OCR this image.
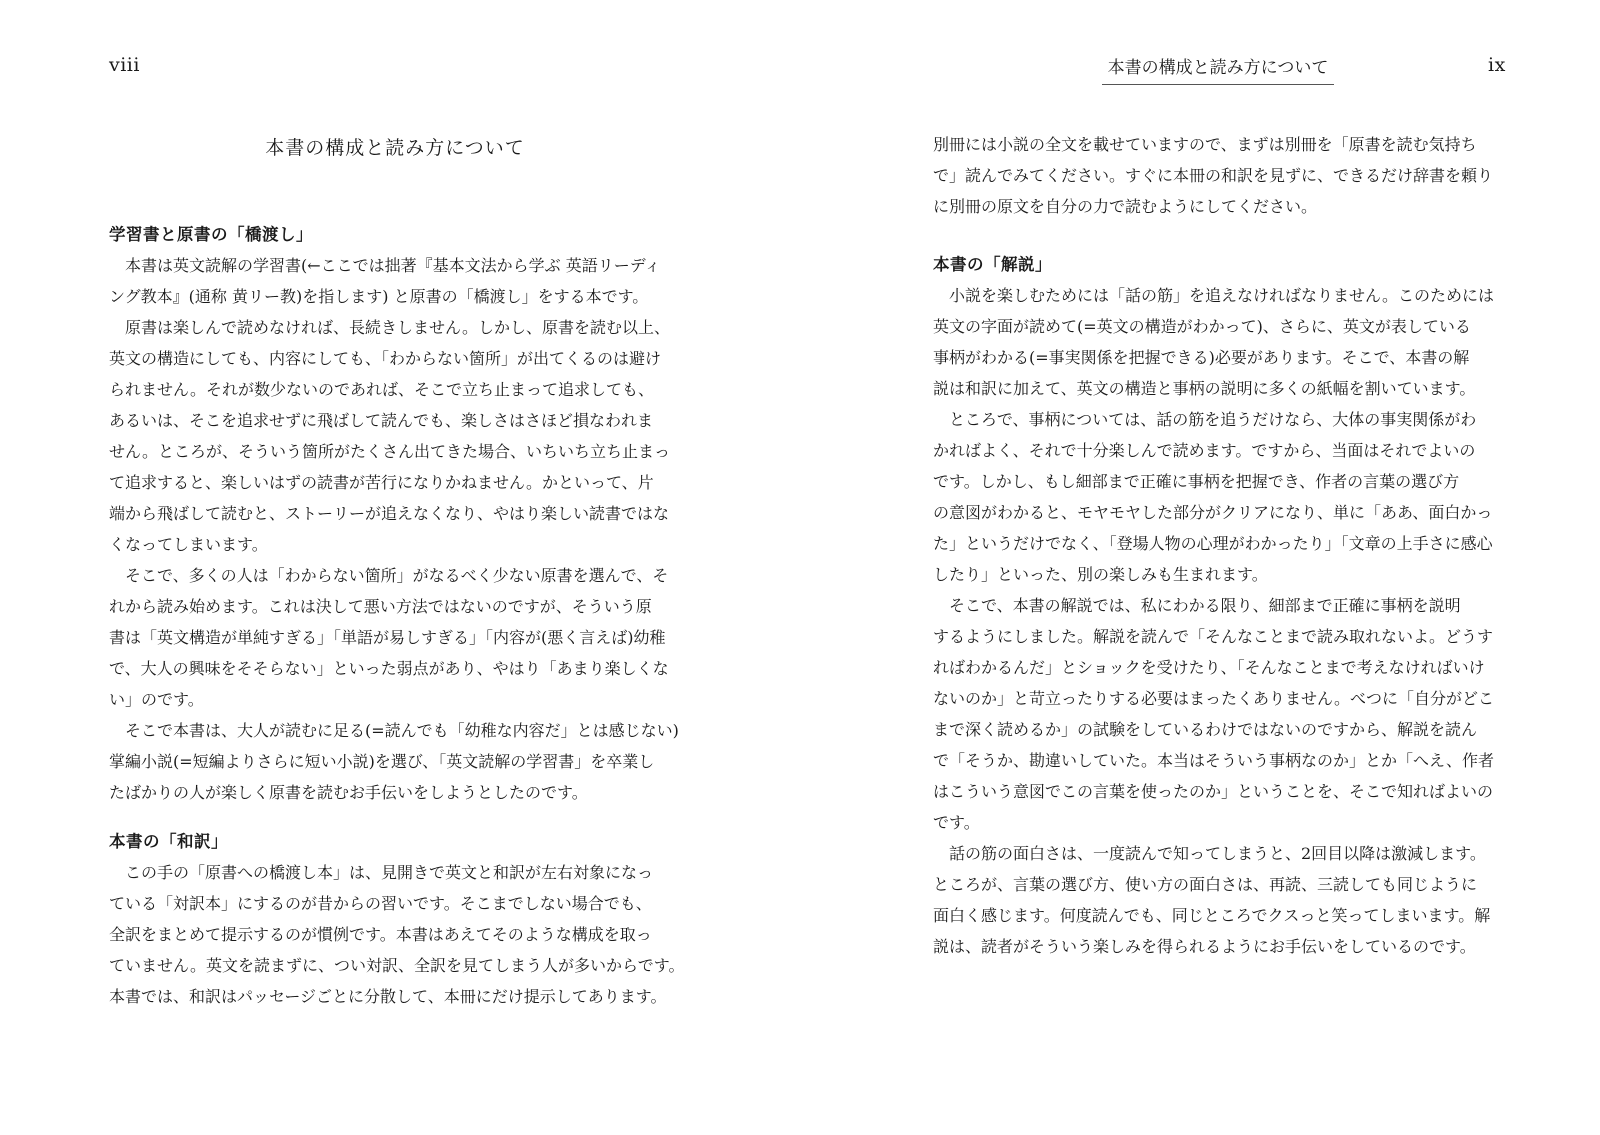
viii
本書の構成と読み方について
学習書と原書の「橋渡し」

　本書は英文読解の学習書(←ここでは拙著『基本文法から学ぶ 英語リーディ
ング教本』(通称 黄リー教)を指します) と原書の「橋渡し」をする本です。

　原書は楽しんで読めなければ、長続きしません。しかし、原書を読む以上、
英文の構造にしても、内容にしても、「わからない箇所」が出てくるのは避け
られません。それが数少ないのであれば、そこで立ち止まって追求しても、
あるいは、そこを追求せずに飛ばして読んでも、楽しさはさほど損なわれま
せん。ところが、そういう箇所がたくさん出てきた場合、いちいち立ち止まっ
て追求すると、楽しいはずの読書が苦行になりかねません。かといって、片
端から飛ばして読むと、ストーリーが追えなくなり、やはり楽しい読書ではな
くなってしまいます。

　そこで、多くの人は「わからない箇所」がなるべく少ない原書を選んで、そ
れから読み始めます。これは決して悪い方法ではないのですが、そういう原
書は「英文構造が単純すぎる」「単語が易しすぎる」「内容が(悪く言えば)幼稚
で、大人の興味をそそらない」といった弱点があり、やはり「あまり楽しくな
い」のです。

　そこで本書は、大人が読むに足る(=読んでも「幼稚な内容だ」とは感じない)
掌編小説(=短編よりさらに短い小説)を選び、「英文読解の学習書」を卒業し
たばかりの人が楽しく原書を読むお手伝いをしようとしたのです。

本書の「和訳」

　この手の「原書への橋渡し本」は、見開きで英文と和訳が左右対象になっ
ている「対訳本」にするのが昔からの習いです。そこまでしない場合でも、
全訳をまとめて提示するのが慣例です。本書はあえてそのような構成を取っ
ていません。英文を読まずに、つい対訳、全訳を見てしまう人が多いからです。
本書では、和訳はパッセージごとに分散して、本冊にだけ提示してあります。

本書の構成と読み方について	ix

別冊には小説の全文を載せていますので、まずは別冊を「原書を読む気持ち
で」読んでみてください。すぐに本冊の和訳を見ずに、できるだけ辞書を頼り
に別冊の原文を自分の力で読むようにしてください。

本書の「解説」

　小説を楽しむためには「話の筋」を追えなければなりません。このためには
英文の字面が読めて(=英文の構造がわかって)、さらに、英文が表している
事柄がわかる(=事実関係を把握できる)必要があります。そこで、本書の解
説は和訳に加えて、英文の構造と事柄の説明に多くの紙幅を割いています。

　ところで、事柄については、話の筋を追うだけなら、大体の事実関係がわ
かればよく、それで十分楽しんで読めます。ですから、当面はそれでよいの
です。しかし、もし細部まで正確に事柄を把握でき、作者の言葉の選び方
の意図がわかると、モヤモヤした部分がクリアになり、単に「ああ、面白かっ
た」というだけでなく、「登場人物の心理がわかったり」「文章の上手さに感心
したり」といった、別の楽しみも生まれます。

　そこで、本書の解説では、私にわかる限り、細部まで正確に事柄を説明
するようにしました。解説を読んで「そんなことまで読み取れないよ。どうす
ればわかるんだ」とショックを受けたり、「そんなことまで考えなければいけ
ないのか」と苛立ったりする必要はまったくありません。べつに「自分がどこ
まで深く読めるか」の試験をしているわけではないのですから、解説を読ん
で「そうか、勘違いしていた。本当はそういう事柄なのか」とか「へえ、作者
はこういう意図でこの言葉を使ったのか」ということを、そこで知ればよいの
です。

　話の筋の面白さは、一度読んで知ってしまうと、2回目以降は激減します。
ところが、言葉の選び方、使い方の面白さは、再読、三読しても同じように
面白く感じます。何度読んでも、同じところでクスっと笑ってしまいます。解
説は、読者がそういう楽しみを得られるようにお手伝いをしているのです。
